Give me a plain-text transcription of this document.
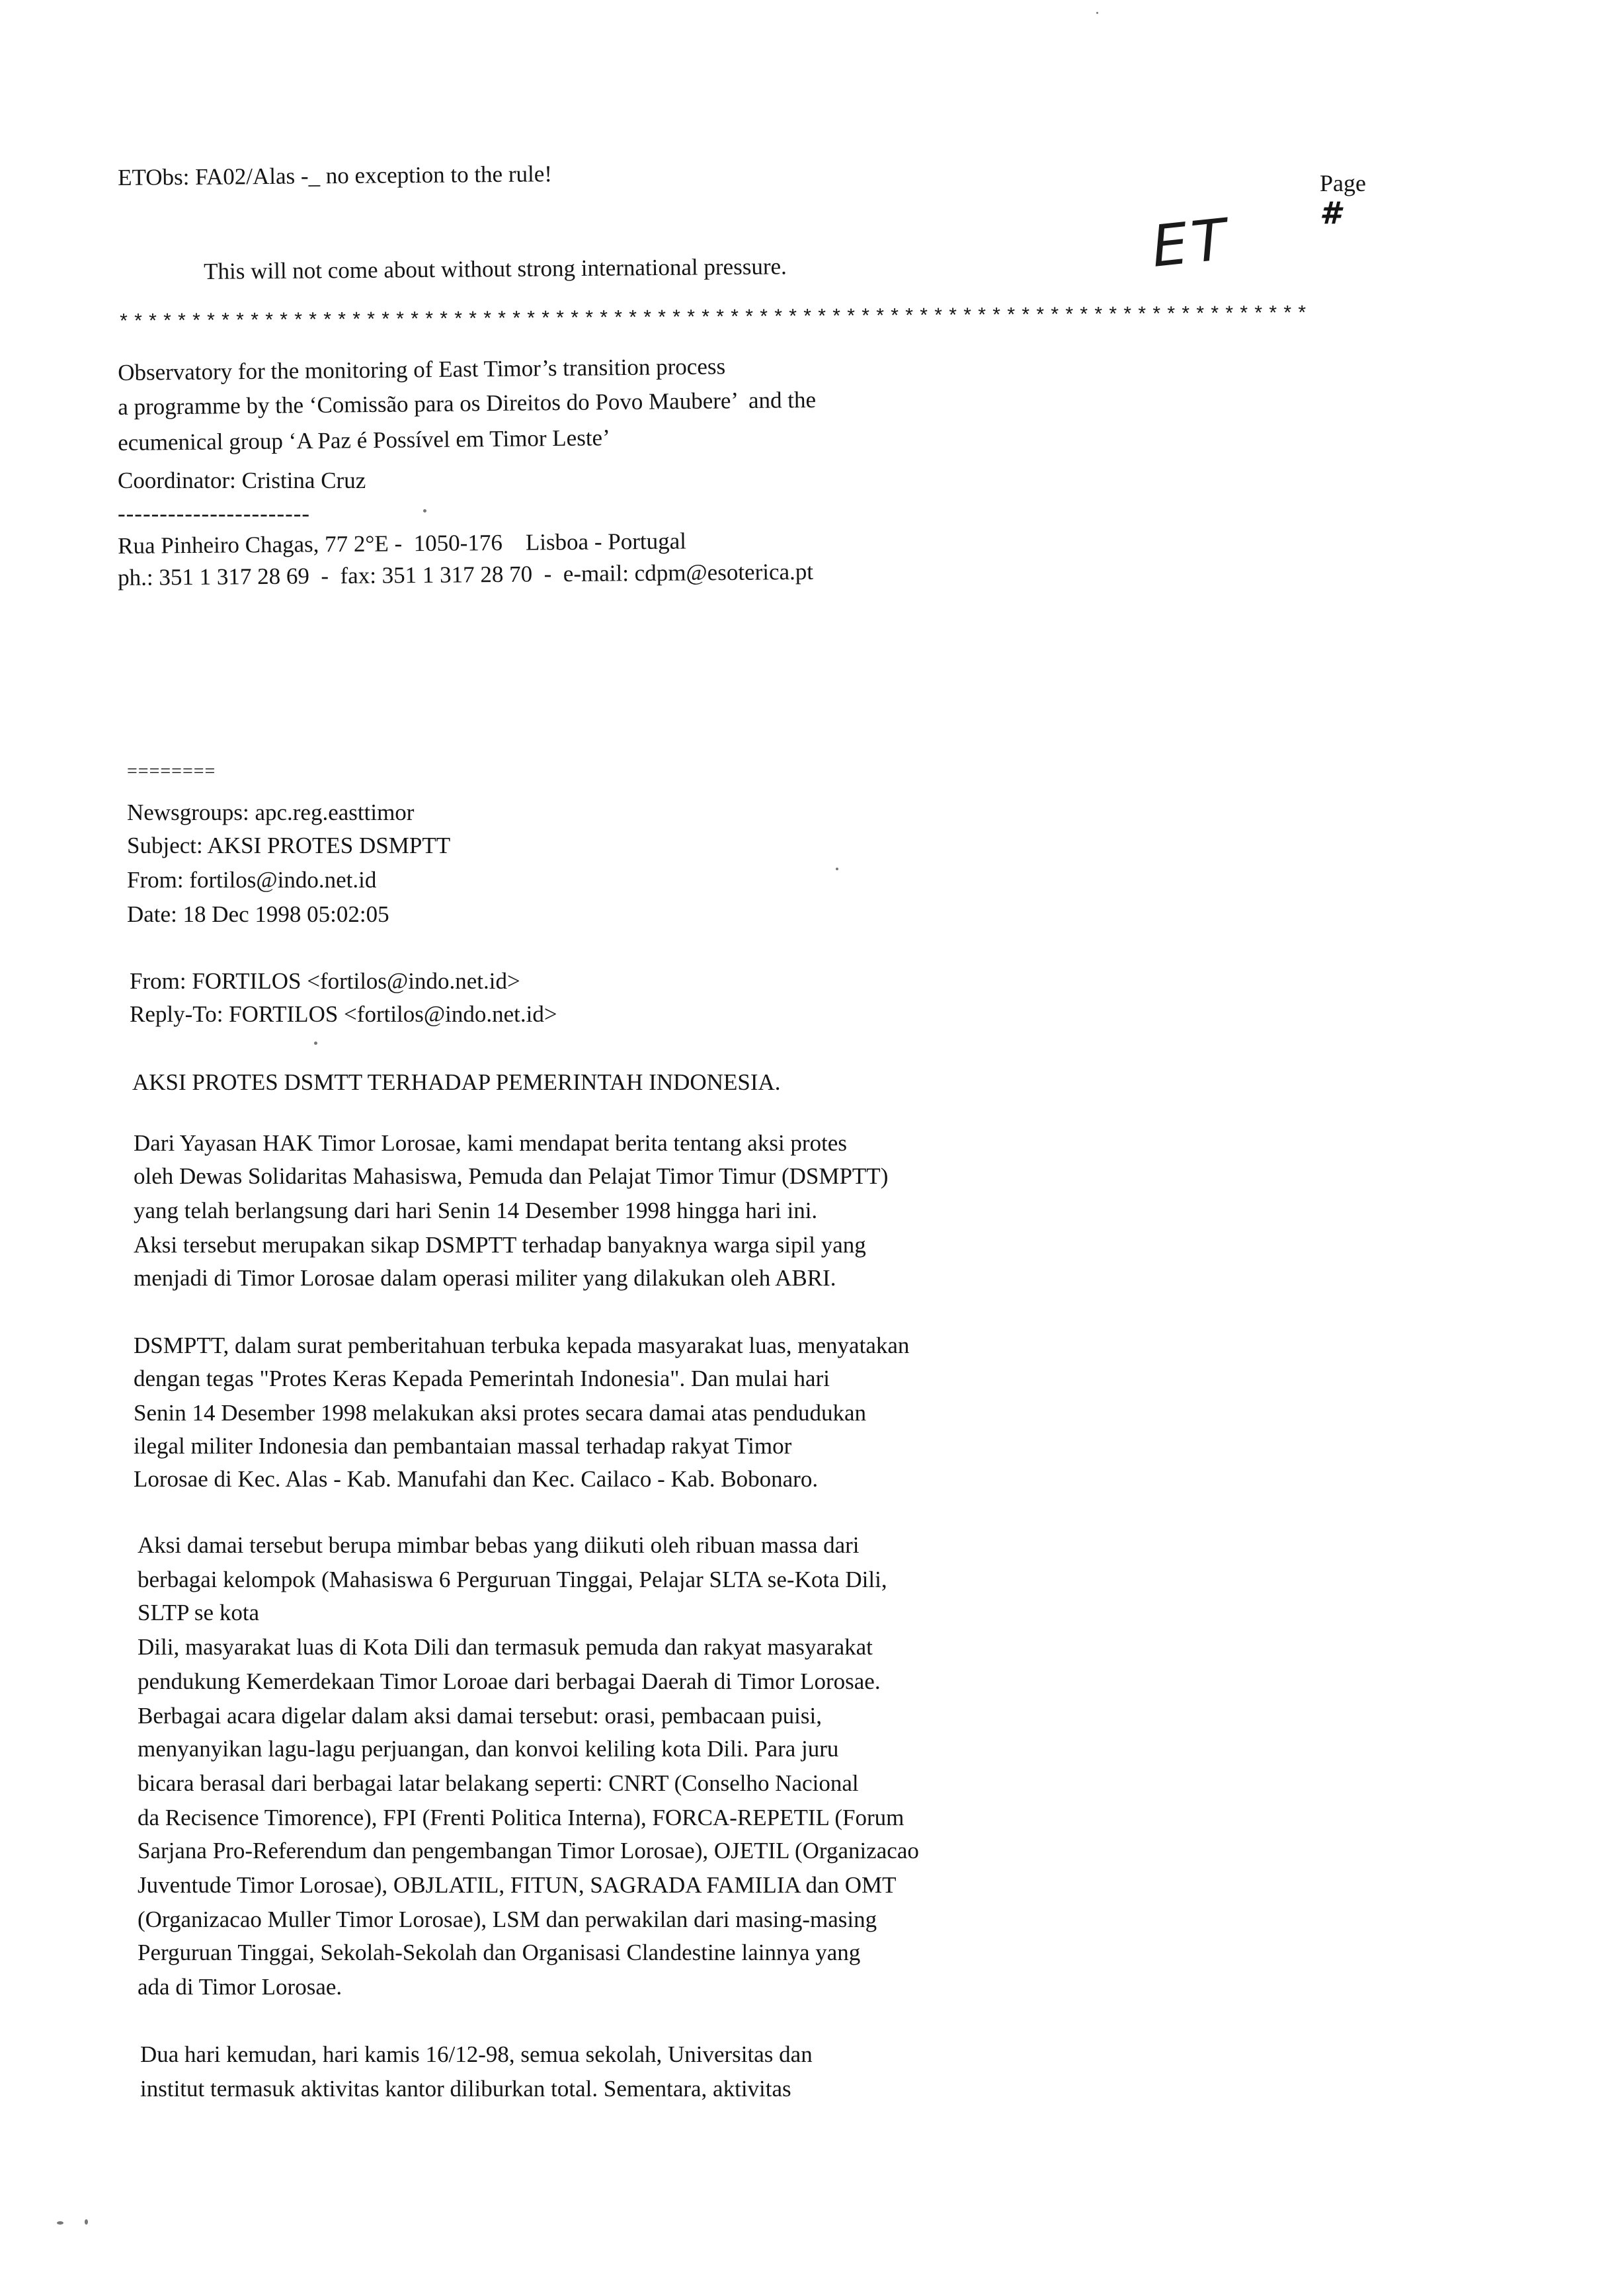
ETObs: FA02/Alas -_ no exception to the rule!	Page
#

ET
This will not come about without strong international pressure.
**********************************************************************************
Observatory for the monitoring of East Timor’s transition process
a programme by the ‘Comissão para os Direitos do Povo Maubere’  and the
ecumenical group ‘A Paz é Possível em Timor Leste’
Coordinator: Cristina Cruz
-----------------------
Rua Pinheiro Chagas, 77 2°E -  1050-176    Lisboa - Portugal
ph.: 351 1 317 28 69  -  fax: 351 1 317 28 70  -  e-mail: cdpm@esoterica.pt
========
Newsgroups: apc.reg.easttimor
Subject: AKSI PROTES DSMPTT
From: fortilos@indo.net.id
Date: 18 Dec 1998 05:02:05
From: FORTILOS <fortilos@indo.net.id>
Reply-To: FORTILOS <fortilos@indo.net.id>
AKSI PROTES DSMTT TERHADAP PEMERINTAH INDONESIA.
Dari Yayasan HAK Timor Lorosae, kami mendapat berita tentang aksi protes
oleh Dewas Solidaritas Mahasiswa, Pemuda dan Pelajat Timor Timur (DSMPTT)
yang telah berlangsung dari hari Senin 14 Desember 1998 hingga hari ini.
Aksi tersebut merupakan sikap DSMPTT terhadap banyaknya warga sipil yang
menjadi di Timor Lorosae dalam operasi militer yang dilakukan oleh ABRI.
DSMPTT, dalam surat pemberitahuan terbuka kepada masyarakat luas, menyatakan
dengan tegas "Protes Keras Kepada Pemerintah Indonesia". Dan mulai hari
Senin 14 Desember 1998 melakukan aksi protes secara damai atas pendudukan
ilegal militer Indonesia dan pembantaian massal terhadap rakyat Timor
Lorosae di Kec. Alas - Kab. Manufahi dan Kec. Cailaco - Kab. Bobonaro.
Aksi damai tersebut berupa mimbar bebas yang diikuti oleh ribuan massa dari
berbagai kelompok (Mahasiswa 6 Perguruan Tinggai, Pelajar SLTA se-Kota Dili,
SLTP se kota
Dili, masyarakat luas di Kota Dili dan termasuk pemuda dan rakyat masyarakat
pendukung Kemerdekaan Timor Loroae dari berbagai Daerah di Timor Lorosae.
Berbagai acara digelar dalam aksi damai tersebut: orasi, pembacaan puisi,
menyanyikan lagu-lagu perjuangan, dan konvoi keliling kota Dili. Para juru
bicara berasal dari berbagai latar belakang seperti: CNRT (Conselho Nacional
da Recisence Timorence), FPI (Frenti Politica Interna), FORCA-REPETIL (Forum
Sarjana Pro-Referendum dan pengembangan Timor Lorosae), OJETIL (Organizacao
Juventude Timor Lorosae), OBJLATIL, FITUN, SAGRADA FAMILIA dan OMT
(Organizacao Muller Timor Lorosae), LSM dan perwakilan dari masing-masing
Perguruan Tinggai, Sekolah-Sekolah dan Organisasi Clandestine lainnya yang
ada di Timor Lorosae.
Dua hari kemudan, hari kamis 16/12-98, semua sekolah, Universitas dan
institut termasuk aktivitas kantor diliburkan total. Sementara, aktivitas
